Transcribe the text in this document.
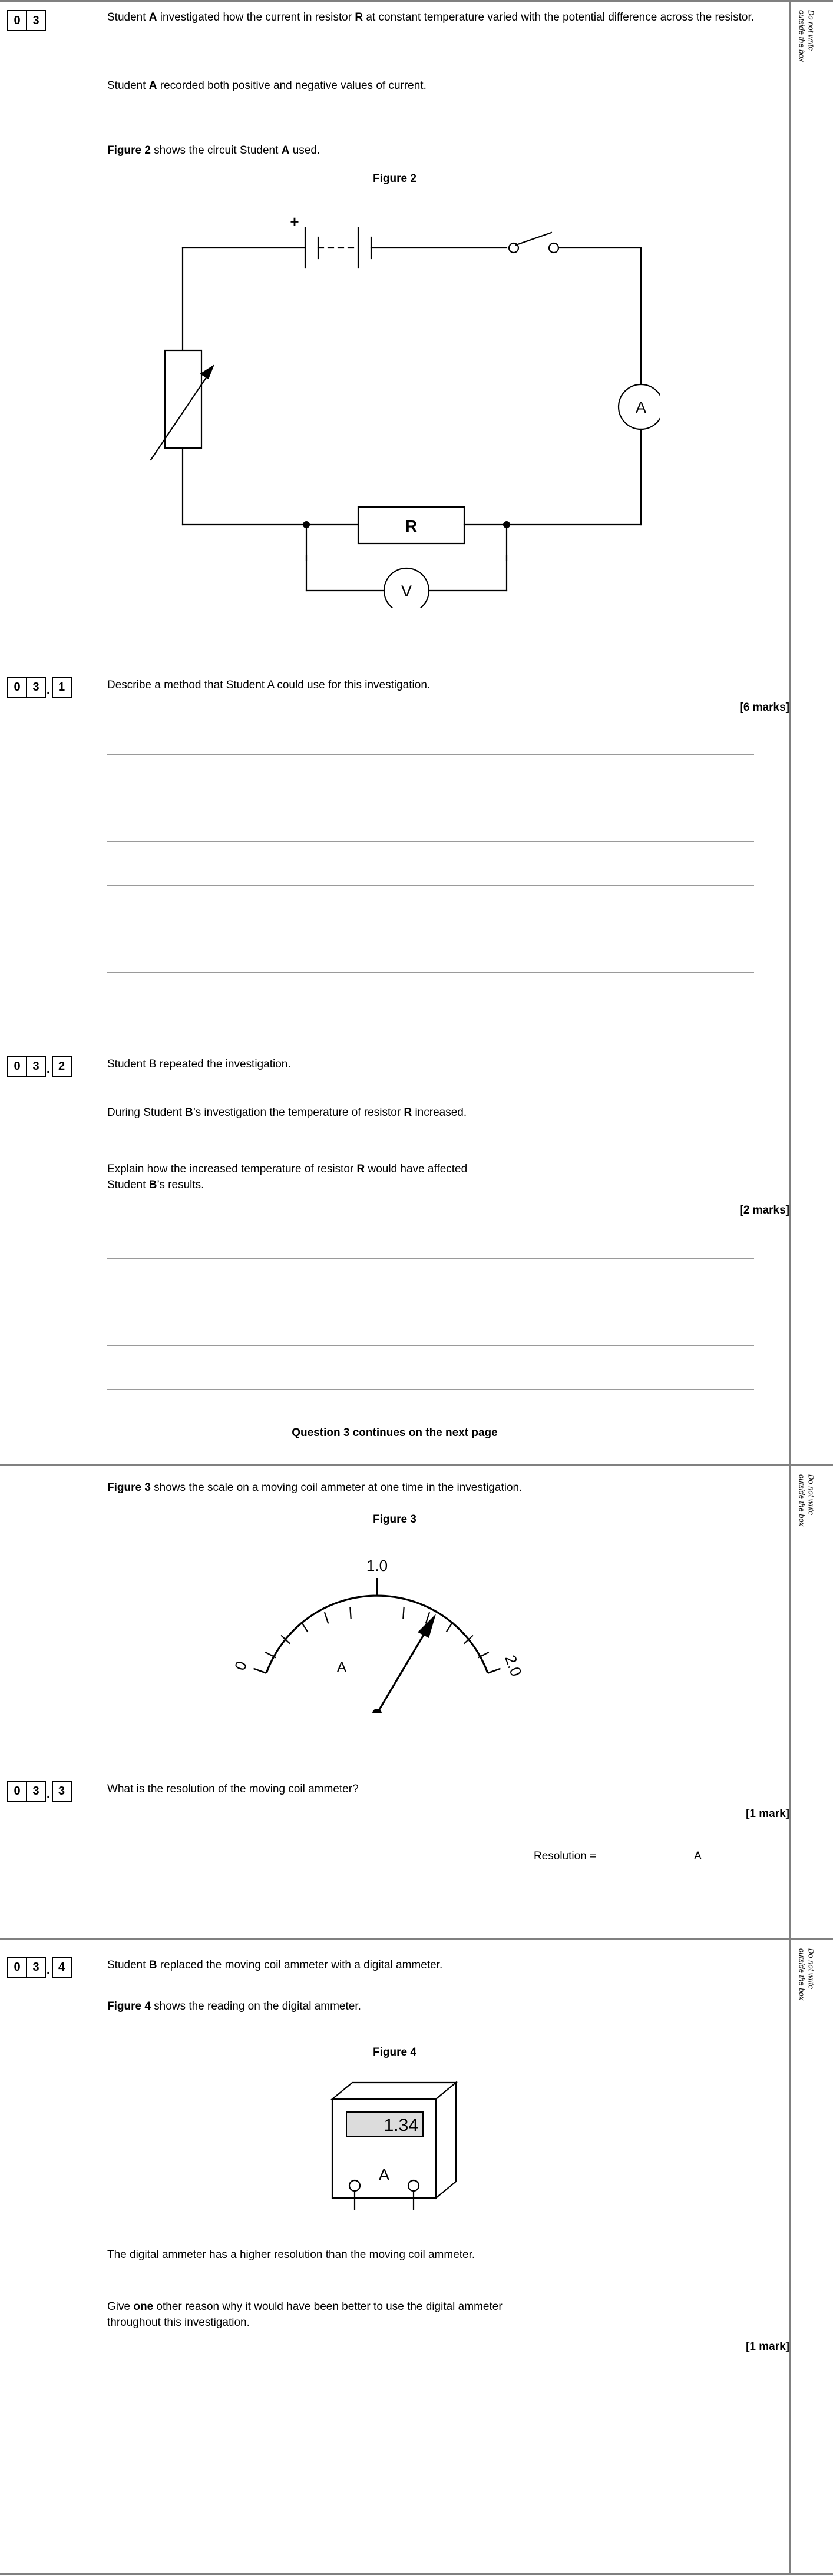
Do not write
outside the box
0	3	Student A investigated how the current in resistor R at constant temperature varied with the potential difference across the resistor.
Student A recorded both positive and negative values of current.
Figure 2 shows the circuit Student A used.
Figure 2
+
A
R
V
0	3 . 1	Describe a method that Student A could use for this investigation.
[6 marks]
0	3 . 2	Student B repeated the investigation.
During Student B’s investigation the temperature of resistor R increased.
Explain how the increased temperature of resistor R would have affected
Student B’s results.
[2 marks]
Question 3 continues on the next page
Do not write
outside the box
Figure 3 shows the scale on a moving coil ammeter at one time in the investigation.
Figure 3
0
1.0
2.0
A
0	3 . 3	What is the resolution of the moving coil ammeter?
[1 mark]
Resolution =	A
Do not write
outside the box
0	3 . 4	Student B replaced the moving coil ammeter with a digital ammeter.
Figure 4 shows the reading on the digital ammeter.
Figure 4
1.34
A
The digital ammeter has a higher resolution than the moving coil ammeter.
Give one other reason why it would have been better to use the digital ammeter
throughout this investigation.
[1 mark]
